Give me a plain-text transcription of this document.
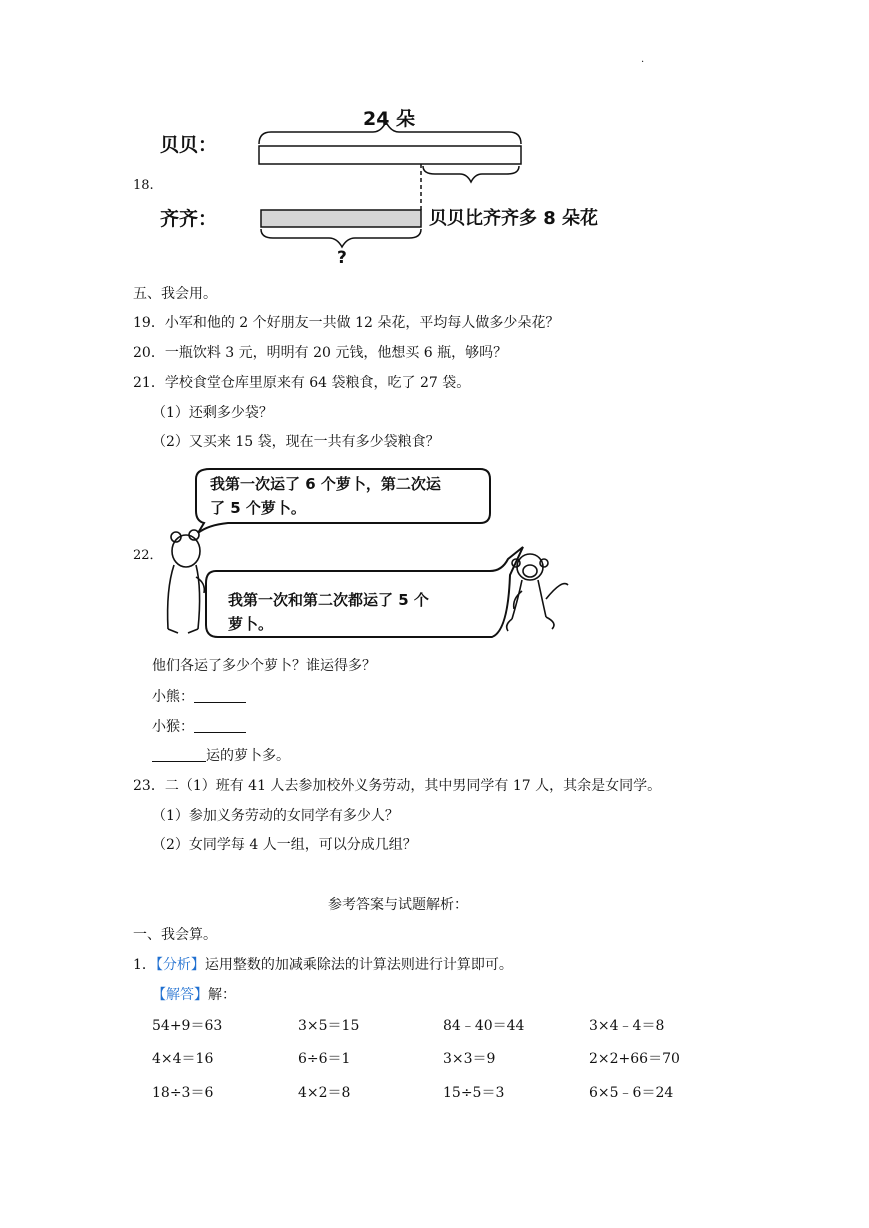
.
18.
24 朵
贝贝：
齐齐：	贝贝比齐齐多 8 朵花
?
五、我会用。
19．小军和他的 2 个好朋友一共做 12 朵花，平均每人做多少朵花？
20．一瓶饮料 3 元，明明有 20 元钱，他想买 6 瓶，够吗？
21．学校食堂仓库里原来有 64 袋粮食，吃了 27 袋。
（1）还剩多少袋？
（2）又买来 15 袋，现在一共有多少袋粮食？
22．
我第一次运了 6 个萝卜，第二次运
了 5 个萝卜。
我第一次和第二次都运了 5 个
萝卜。
他们各运了多少个萝卜？谁运得多？
小熊：
小猴：
运的萝卜多。
23．二（1）班有 41 人去参加校外义务劳动，其中男同学有 17 人，其余是女同学。
（1）参加义务劳动的女同学有多少人？
（2）女同学每 4 人一组，可以分成几组？
参考答案与试题解析：
一、我会算。
1．【分析】运用整数的加减乘除法的计算法则进行计算即可。
【解答】解：
54+9＝63	3×5＝15	84﹣40＝44	3×4﹣4＝8
4×4＝16	6÷6＝1	3×3＝9	2×2+66＝70
18÷3＝6	4×2＝8	15÷5＝3	6×5﹣6＝24
